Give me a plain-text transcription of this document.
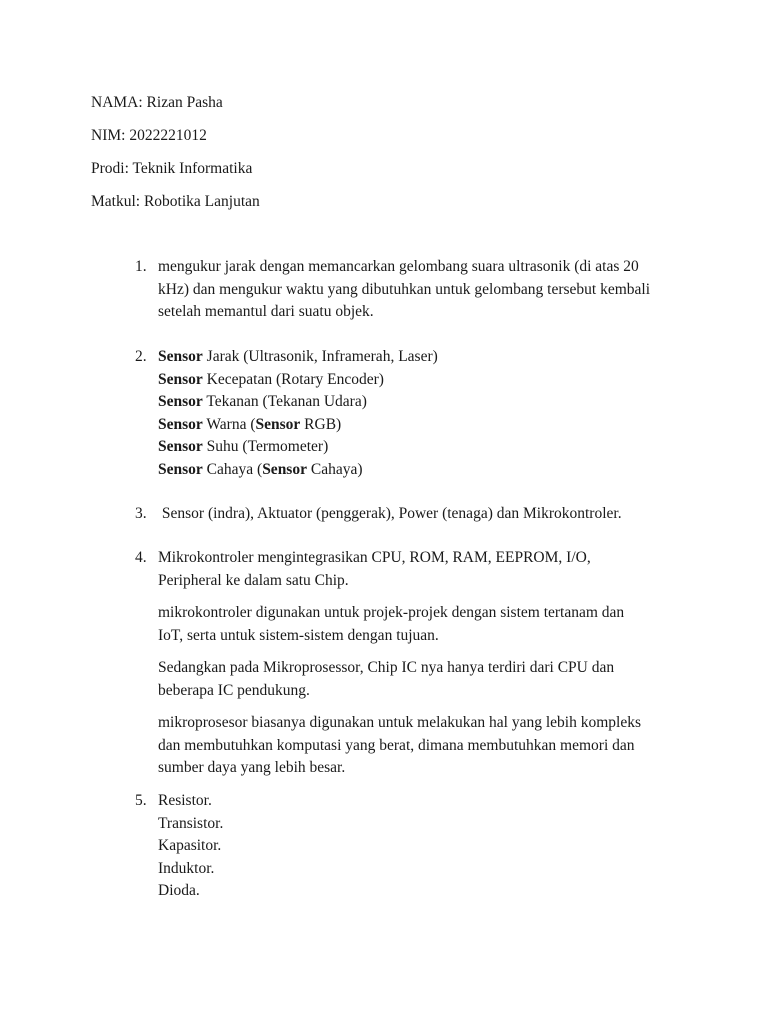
NAMA: Rizan Pasha
NIM: 2022221012
Prodi: Teknik Informatika
Matkul: Robotika Lanjutan
1. mengukur jarak dengan memancarkan gelombang suara ultrasonik (di atas 20
kHz) dan mengukur waktu yang dibutuhkan untuk gelombang tersebut kembali
setelah memantul dari suatu objek.
2. Sensor Jarak (Ultrasonik, Inframerah, Laser)
Sensor Kecepatan (Rotary Encoder)
Sensor Tekanan (Tekanan Udara)
Sensor Warna (Sensor RGB)
Sensor Suhu (Termometer)
Sensor Cahaya (Sensor Cahaya)
3. Sensor (indra), Aktuator (penggerak), Power (tenaga) dan Mikrokontroler.
4. Mikrokontroler mengintegrasikan CPU, ROM, RAM, EEPROM, I/O,
Peripheral ke dalam satu Chip.
mikrokontroler digunakan untuk projek-projek dengan sistem tertanam dan
IoT, serta untuk sistem-sistem dengan tujuan.
Sedangkan pada Mikroprosessor, Chip IC nya hanya terdiri dari CPU dan
beberapa IC pendukung.
mikroprosesor biasanya digunakan untuk melakukan hal yang lebih kompleks
dan membutuhkan komputasi yang berat, dimana membutuhkan memori dan
sumber daya yang lebih besar.
5. Resistor.
Transistor.
Kapasitor.
Induktor.
Dioda.
